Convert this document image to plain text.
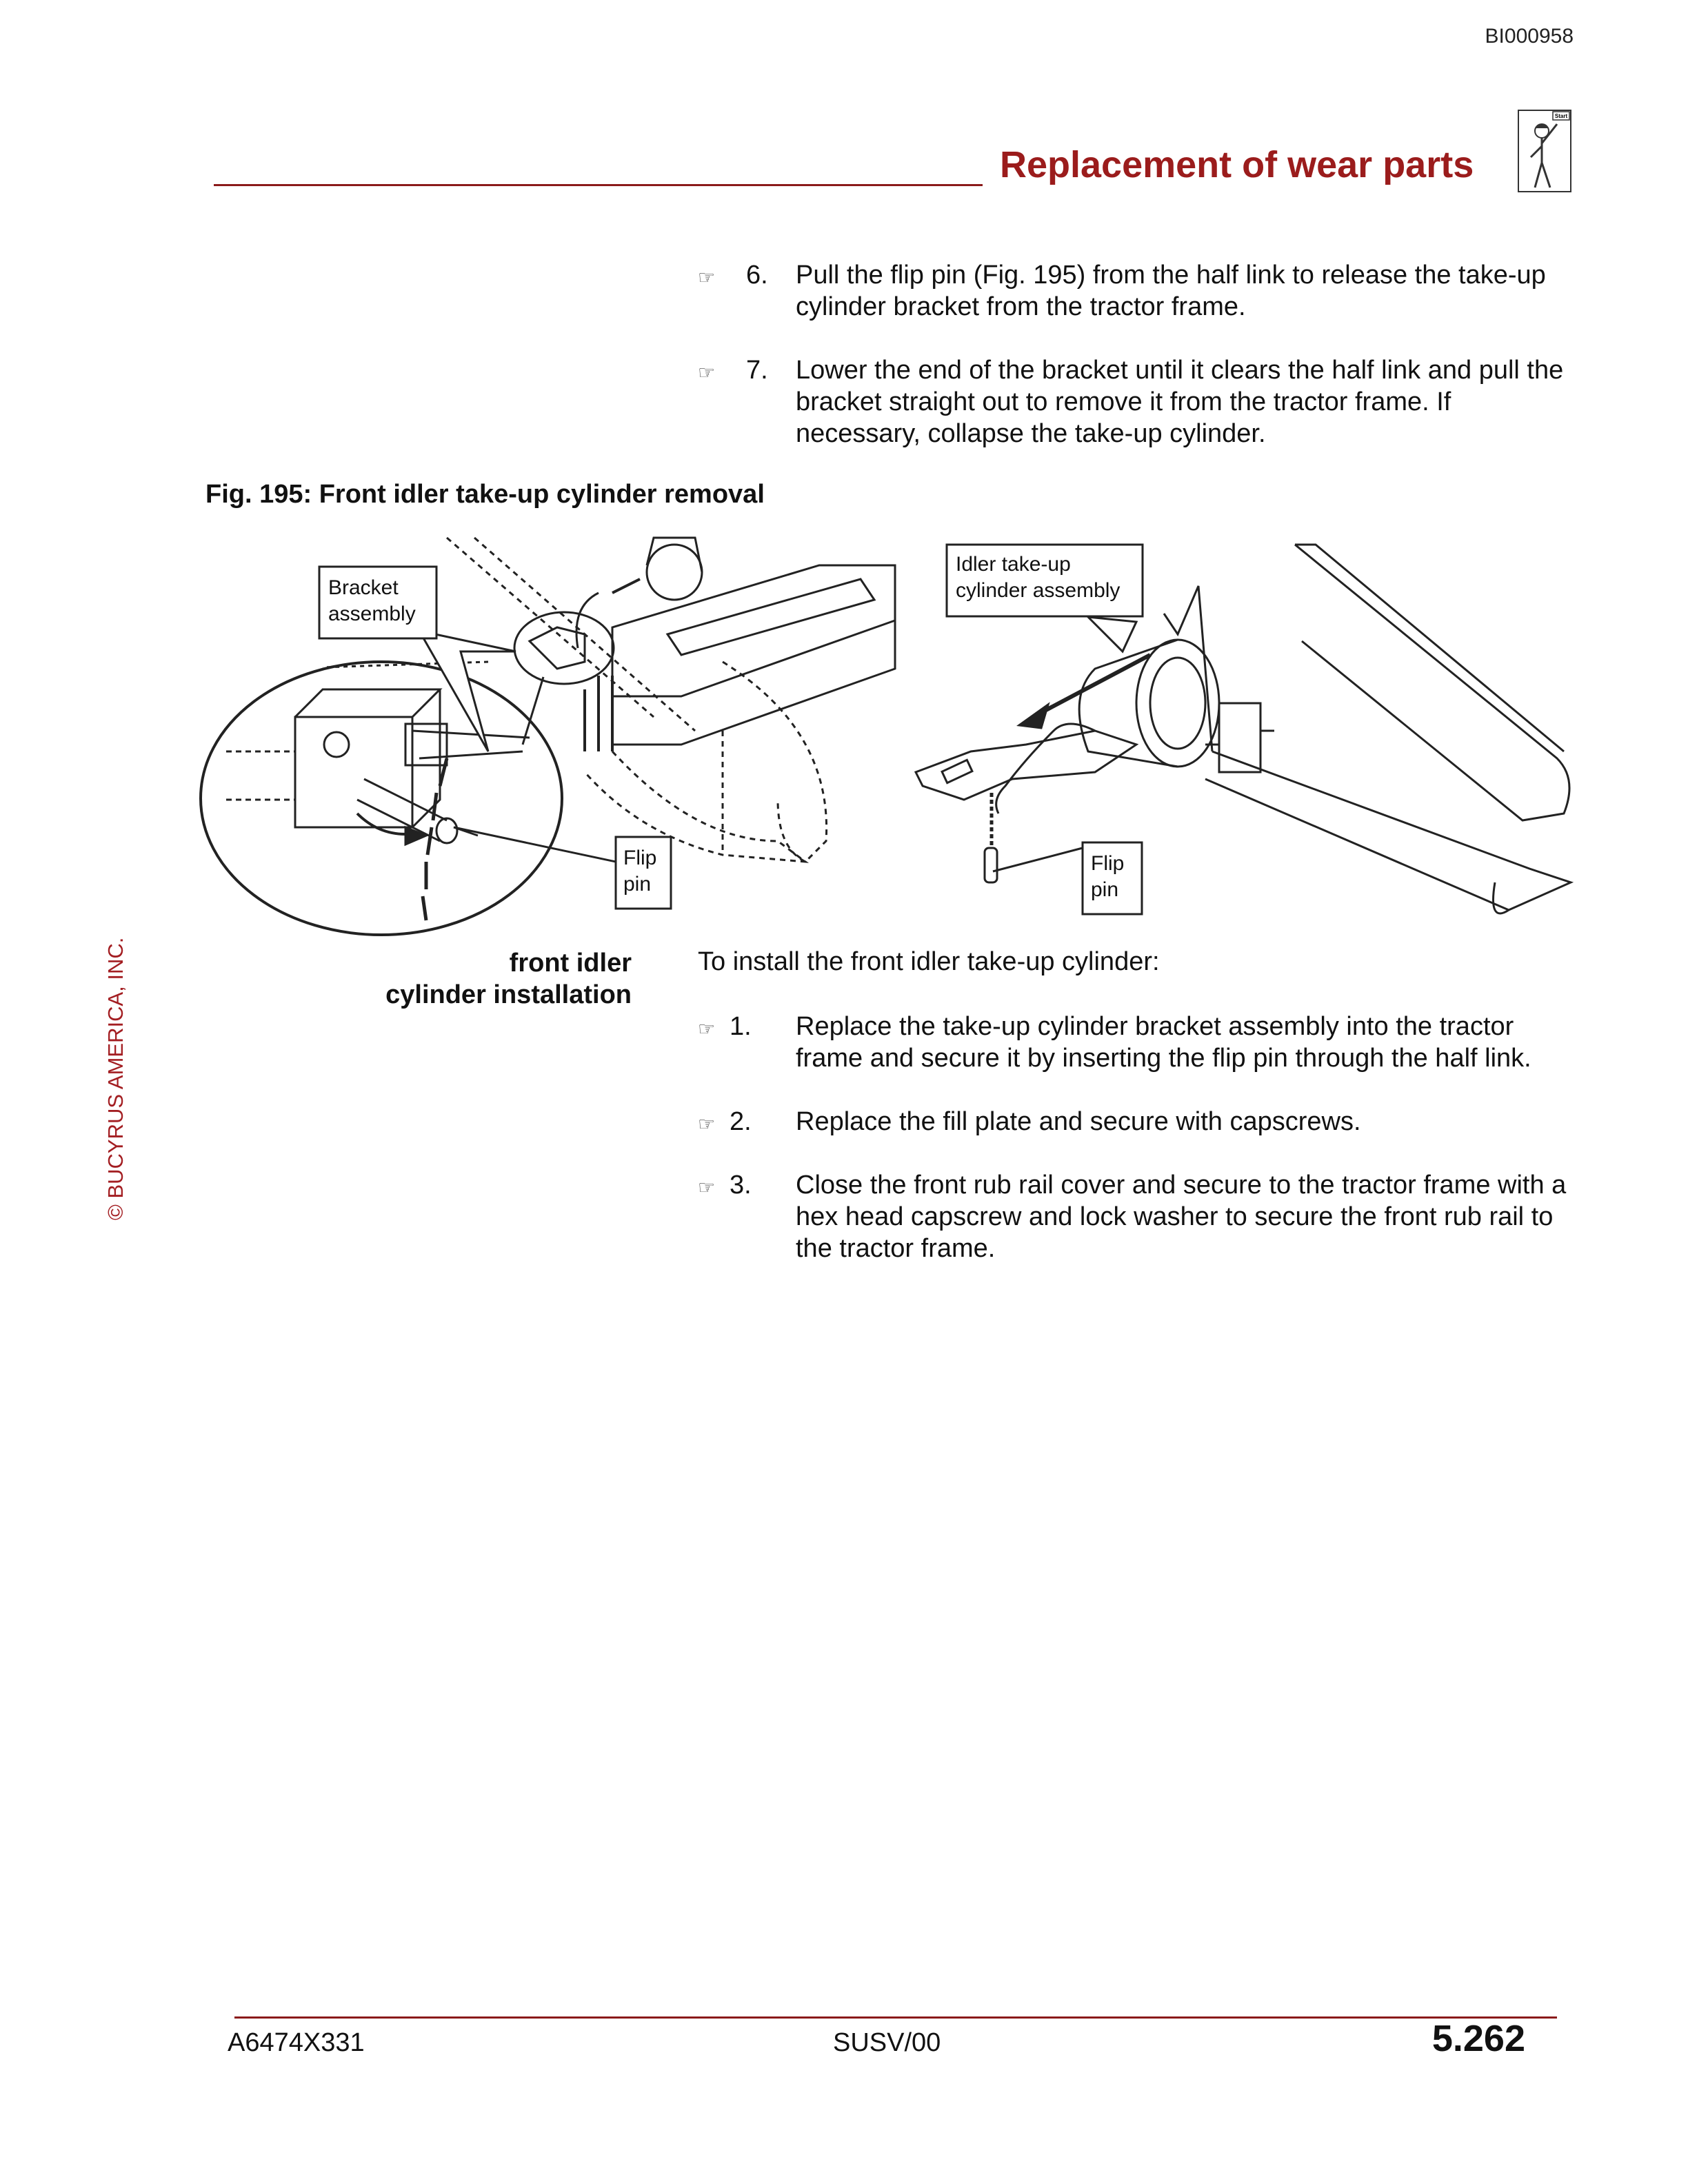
BI000958
Replacement of wear parts
Start
© BUCYRUS AMERICA, INC.
☞ 6. Pull the flip pin (Fig. 195) from the half link to release the take-up cylinder bracket from the tractor frame.
☞ 7. Lower the end of the bracket until it clears the half link and pull the bracket straight out to remove it from the tractor frame. If necessary, collapse the take-up cylinder.
Fig. 195: Front idler take-up cylinder removal
Bracket
assembly
Flip
pin
Idler take-up
cylinder assembly
Flip
pin
front idler
cylinder installation
To install the front idler take-up cylinder:
☞ 1. Replace the take-up cylinder bracket assembly into the tractor frame and secure it by inserting the flip pin through the half link.
☞ 2. Replace the fill plate and secure with capscrews.
☞ 3. Close the front rub rail cover and secure to the tractor frame with a hex head capscrew and lock washer to secure the front rub rail to the tractor frame.
A6474X331	SUSV/00	5.262
